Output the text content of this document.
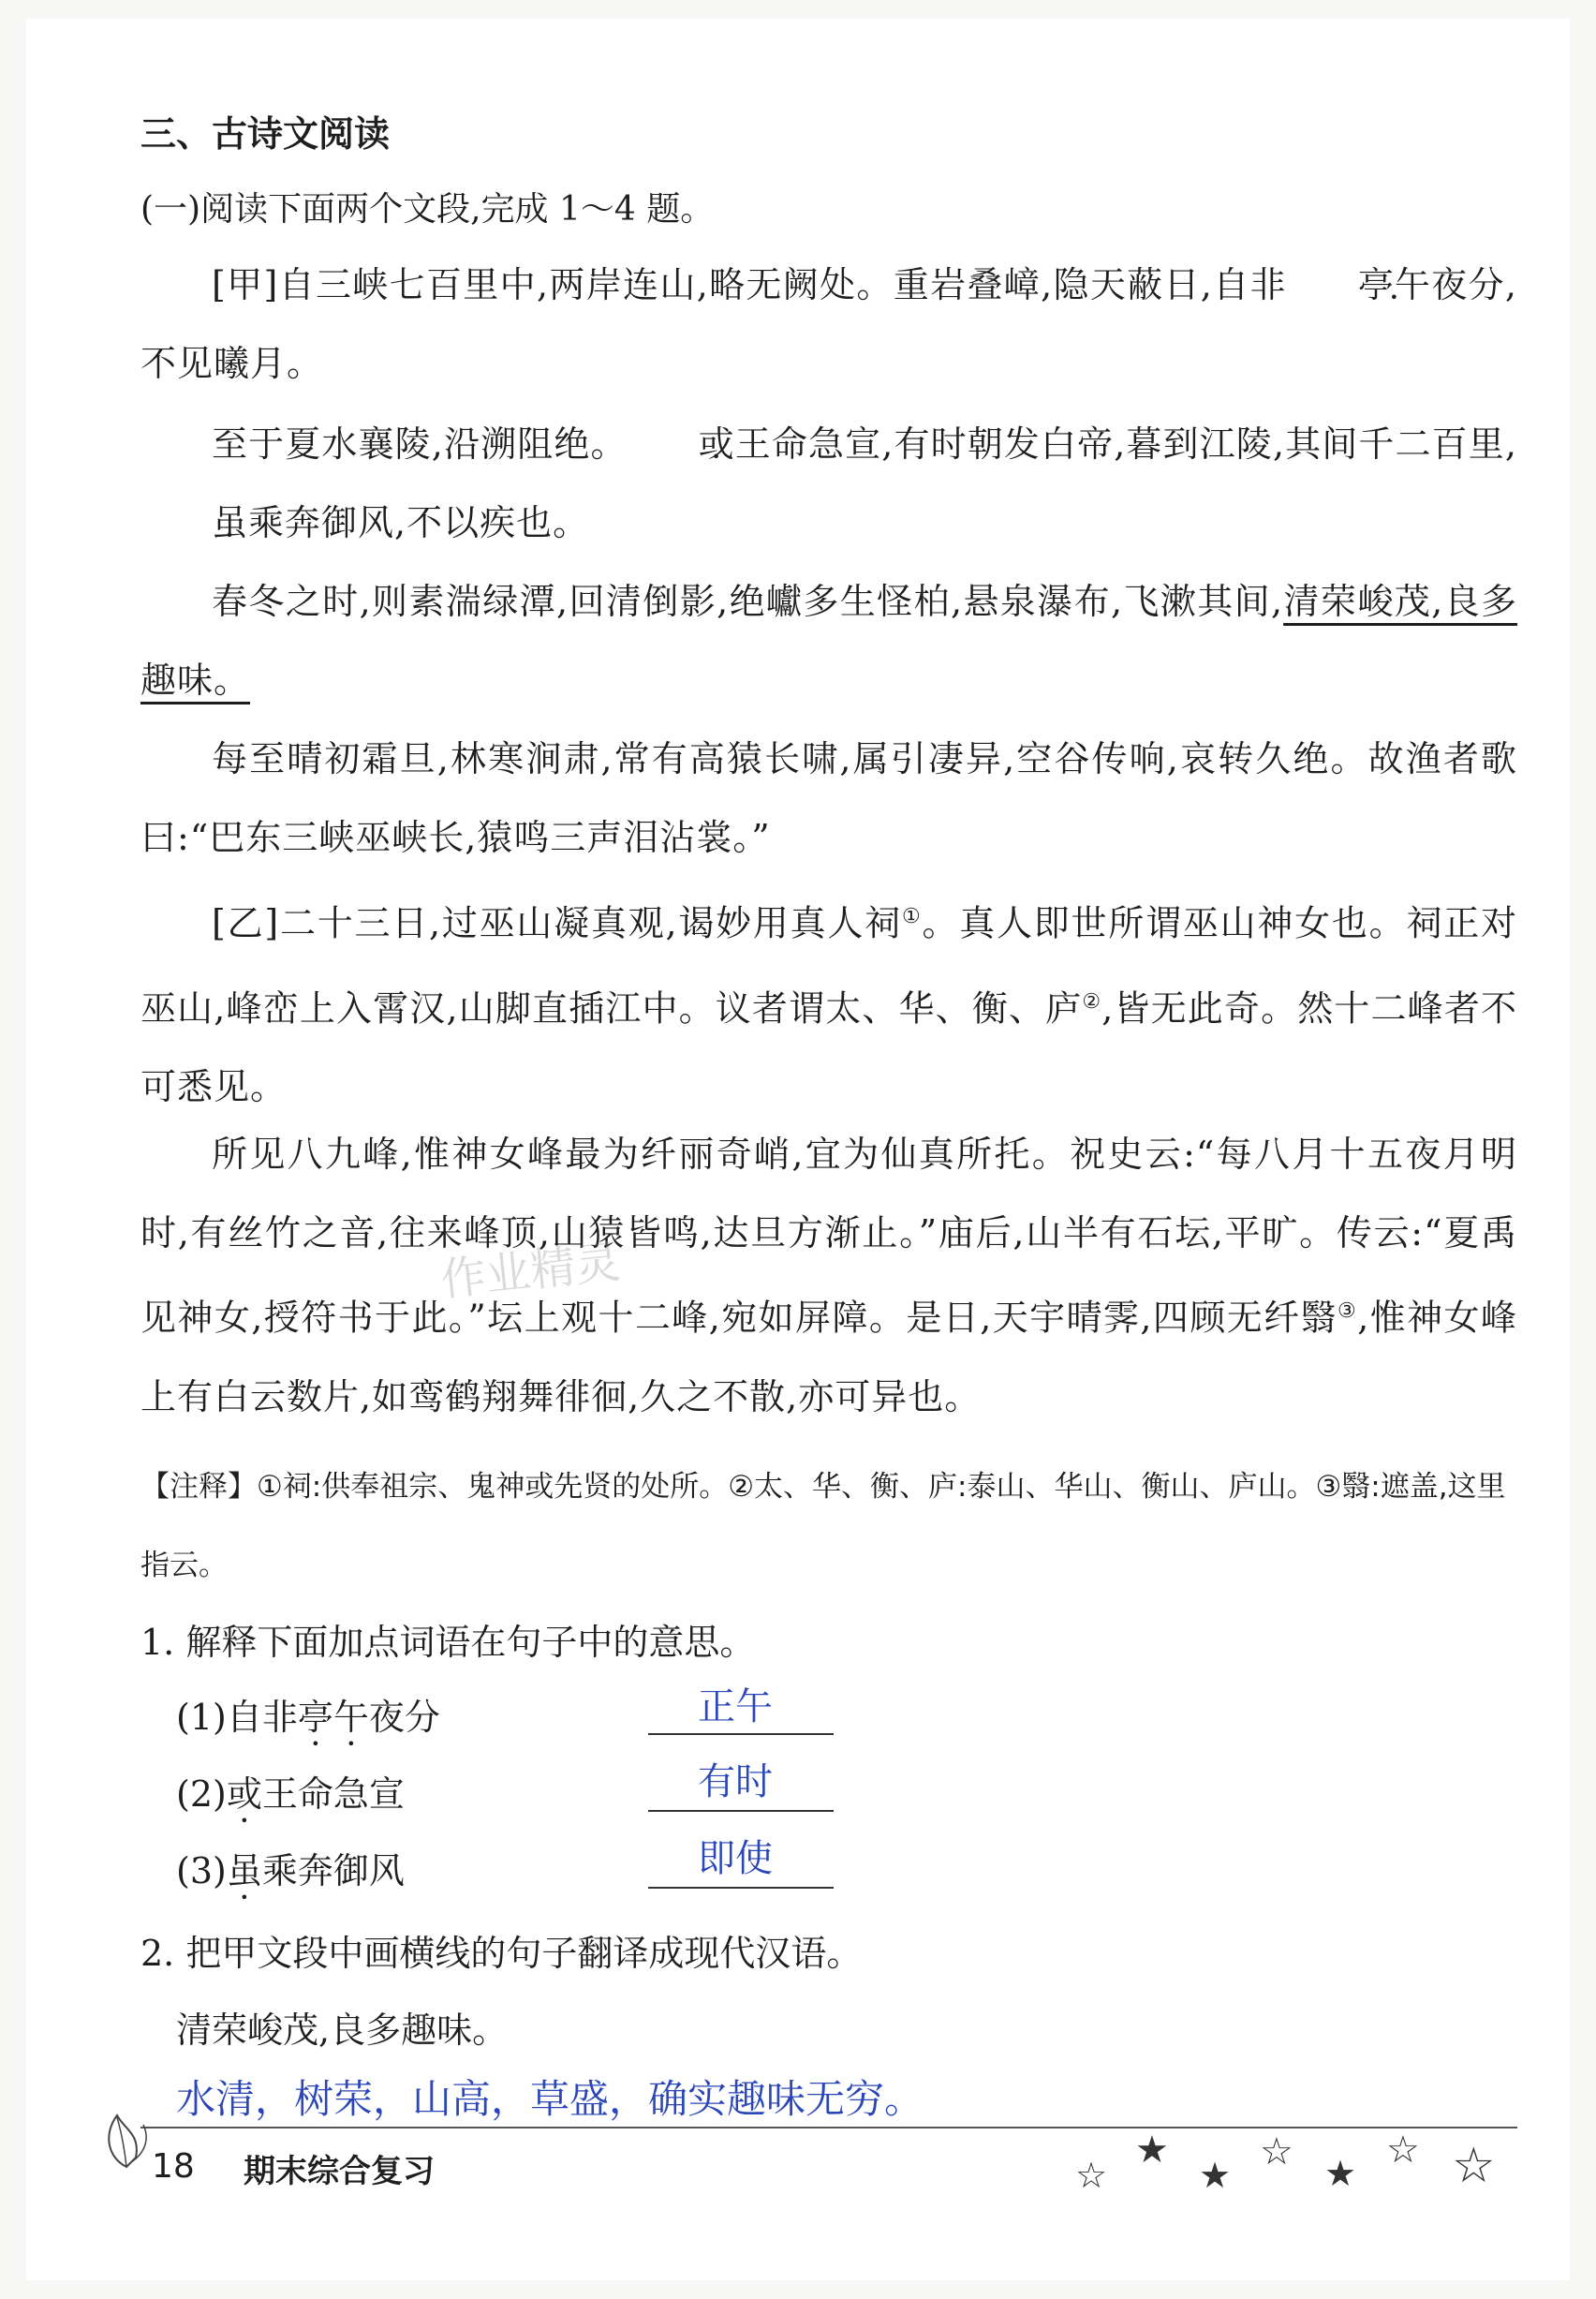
三、古诗文阅读
(一)阅读下面两个文段,完成 1～4 题。
[甲]自三峡七百里中,两岸连山,略无阙处。重岩叠嶂,隐天蔽日,自非 亭午 •夜分,不见曦月。
至于夏水襄陵,沿溯阻绝。 或 •王命急宣,有时朝发白帝,暮到江陵,其间千二百里,虽 •乘奔御风,不以疾也。
春冬之时,则素湍绿潭,回清倒影,绝巘多生怪柏,悬泉瀑布,飞漱其间,清荣峻茂,良多趣味。
每至晴初霜旦,林寒涧肃,常有高猿长啸,属引凄异,空谷传响,哀转久绝。故渔者歌曰:“巴东三峡巫峡长,猿鸣三声泪沾裳。”
[乙]二十三日,过巫山凝真观,谒妙用真人祠①。真人即世所谓巫山神女也。祠正对巫山,峰峦上入霄汉,山脚直插江中。议者谓太、华、衡、庐②,皆无此奇。然十二峰者不可悉见。
所见八九峰,惟神女峰最为纤丽奇峭,宜为仙真所托。祝史云:“每八月十五夜月明时,有丝竹之音,往来峰顶,山猿皆鸣,达旦方渐止。”庙后,山半有石坛,平旷。传云:“夏禹见神女,授符书于此。”坛上观十二峰,宛如屏障。是日,天宇晴霁,四顾无纤翳③,惟神女峰上有白云数片,如鸾鹤翔舞徘徊,久之不散,亦可异也。
作业精灵
【注释】①祠:供奉祖宗、鬼神或先贤的处所。②太、华、衡、庐:泰山、华山、衡山、庐山。③翳:遮盖,这里指云。
1. 解释下面加点词语在句子中的意思。
(1)自非亭午夜分	正午
(2)或王命急宣	有时
(3)虽乘奔御风	即使
2. 把甲文段中画横线的句子翻译成现代汉语。
清荣峻茂,良多趣味。
水清，树荣，山高，草盛，确实趣味无穷。
18 期末综合复习	☆
★
★
☆ ★
☆ ☆
